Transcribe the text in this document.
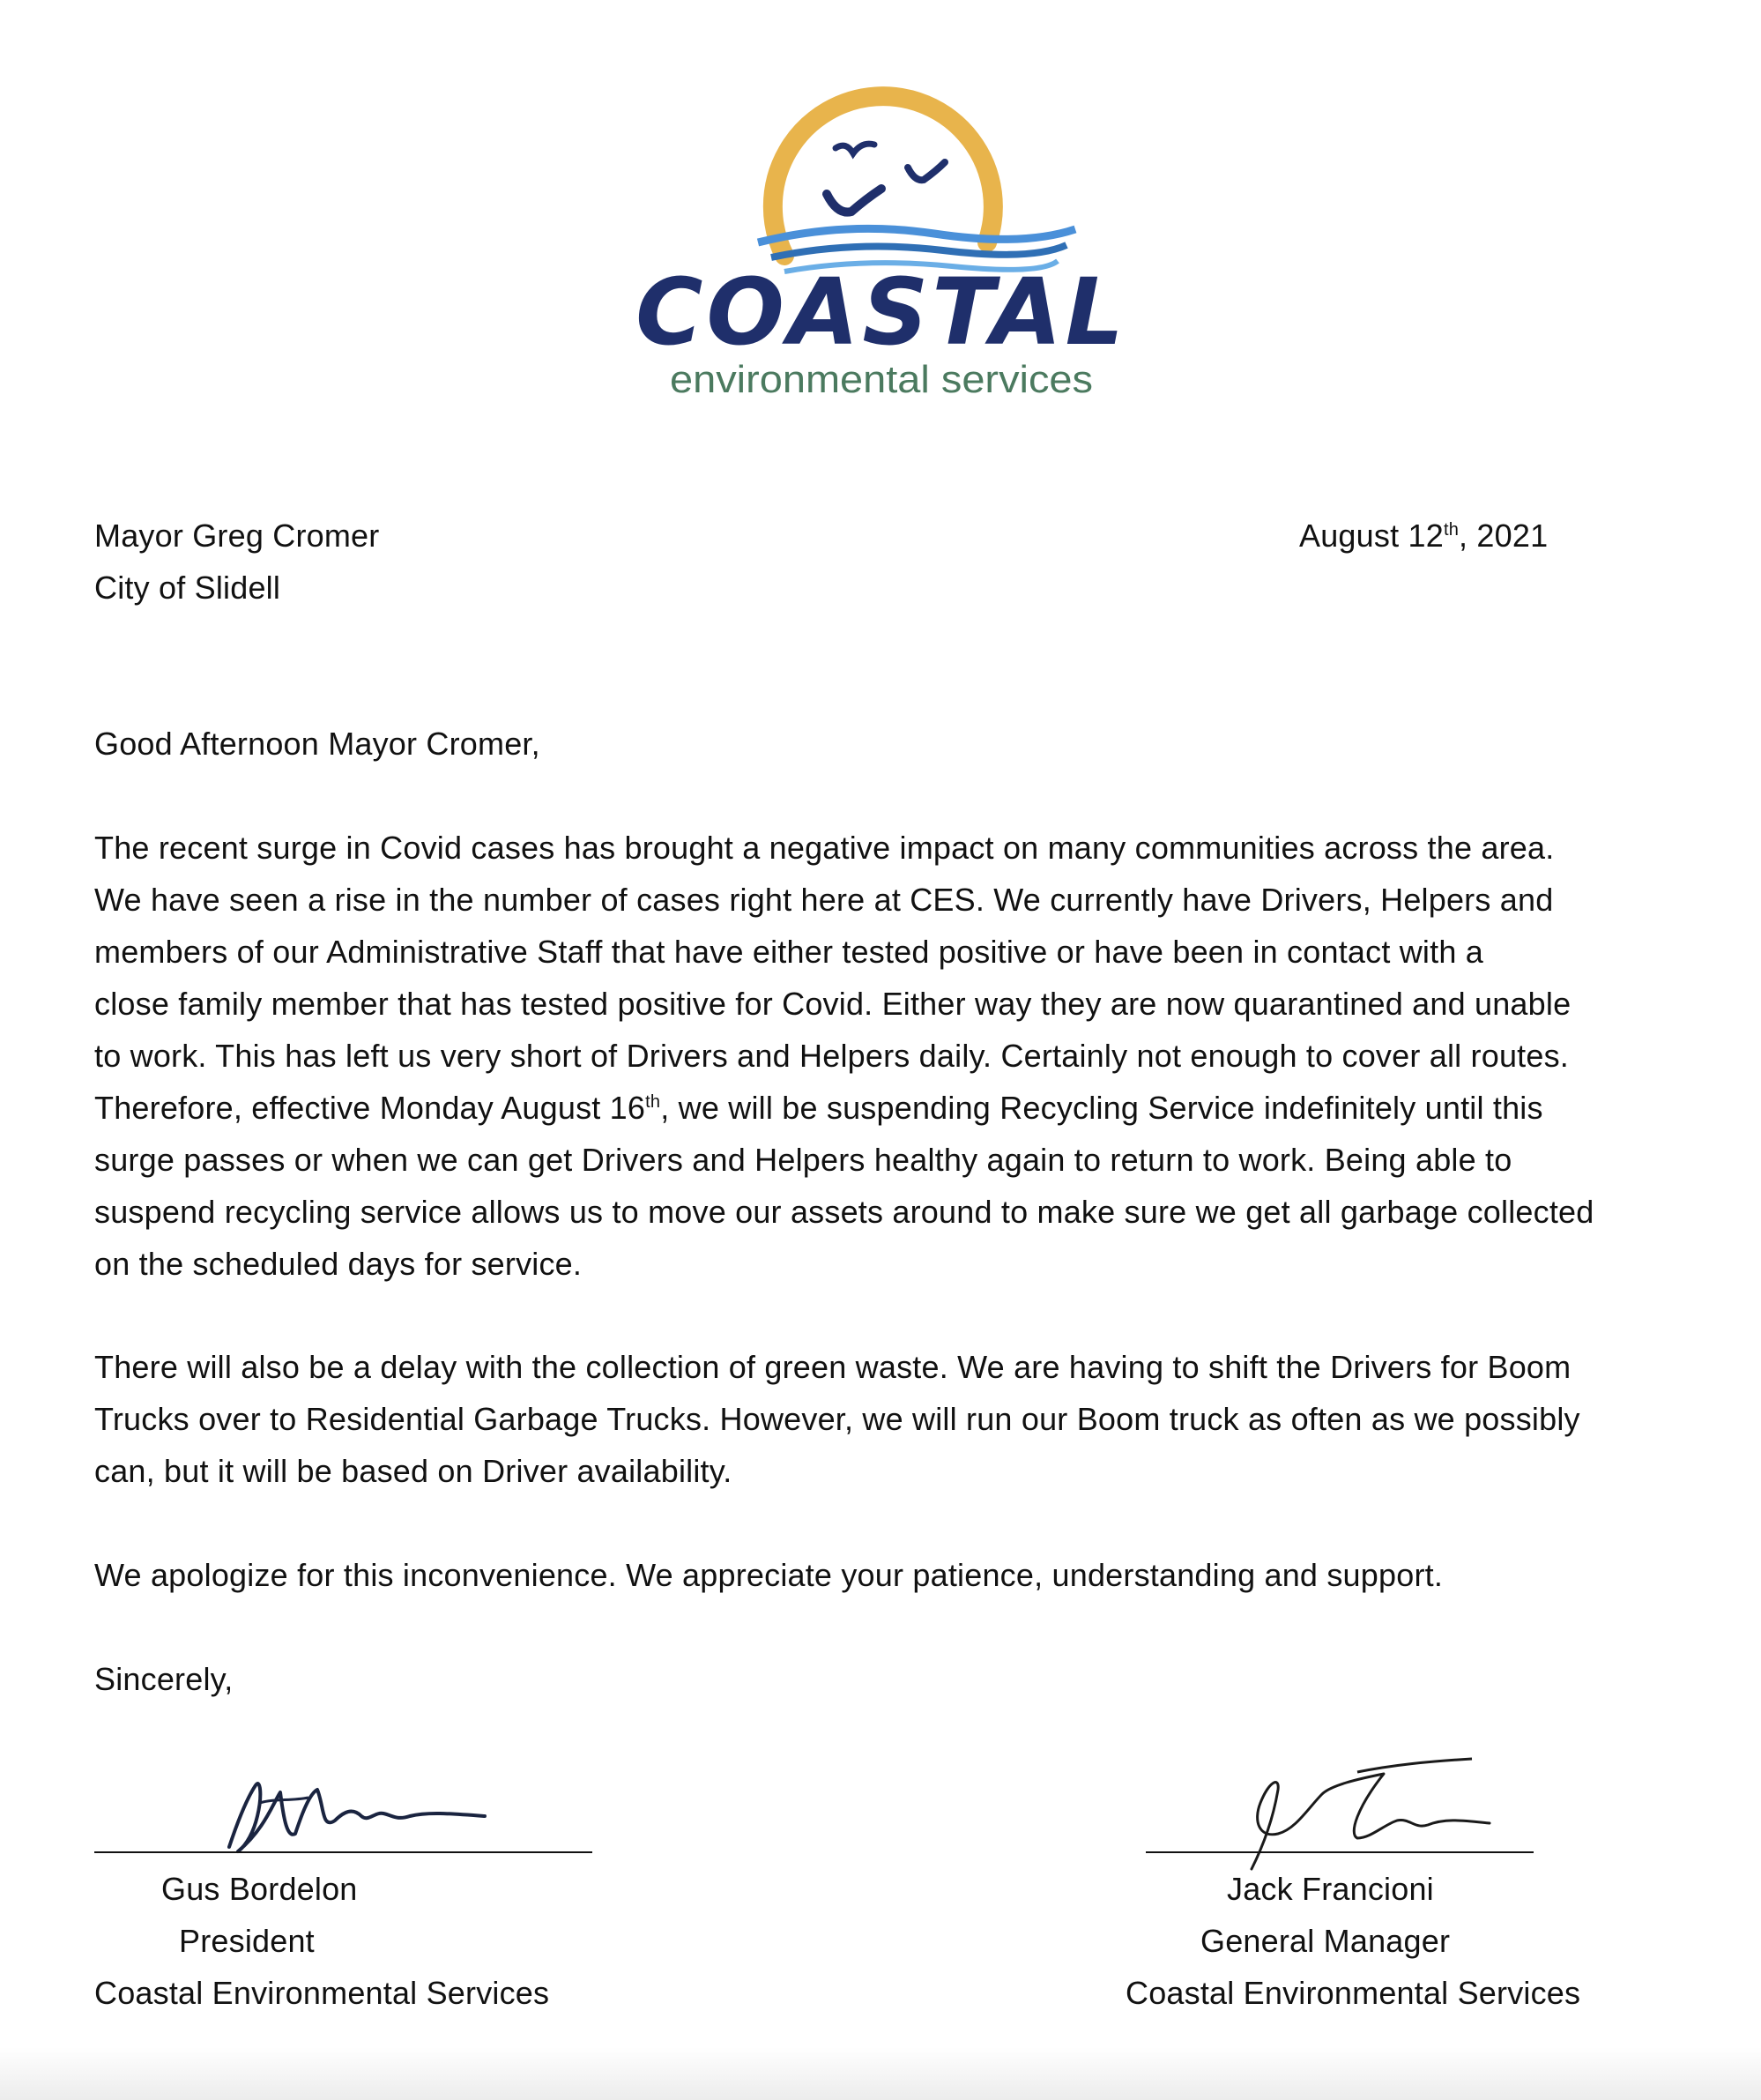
COASTAL
environmental services
Mayor Greg Cromer
City of Slidell
August 12th, 2021
Good Afternoon Mayor Cromer,

The recent surge in Covid cases has brought a negative impact on many communities across the area.
We have seen a rise in the number of cases right here at CES. We currently have Drivers, Helpers and
members of our Administrative Staff that have either tested positive or have been in contact with a
close family member that has tested positive for Covid. Either way they are now quarantined and unable
to work. This has left us very short of Drivers and Helpers daily. Certainly not enough to cover all routes.
Therefore, effective Monday August 16th, we will be suspending Recycling Service indefinitely until this
surge passes or when we can get Drivers and Helpers healthy again to return to work. Being able to
suspend recycling service allows us to move our assets around to make sure we get all garbage collected
on the scheduled days for service.

There will also be a delay with the collection of green waste. We are having to shift the Drivers for Boom
Trucks over to Residential Garbage Trucks. However, we will run our Boom truck as often as we possibly
can, but it will be based on Driver availability.

We apologize for this inconvenience. We appreciate your patience, understanding and support.

Sincerely,
Gus Bordelon
President
Coastal Environmental Services
Jack Francioni
General Manager
Coastal Environmental Services
